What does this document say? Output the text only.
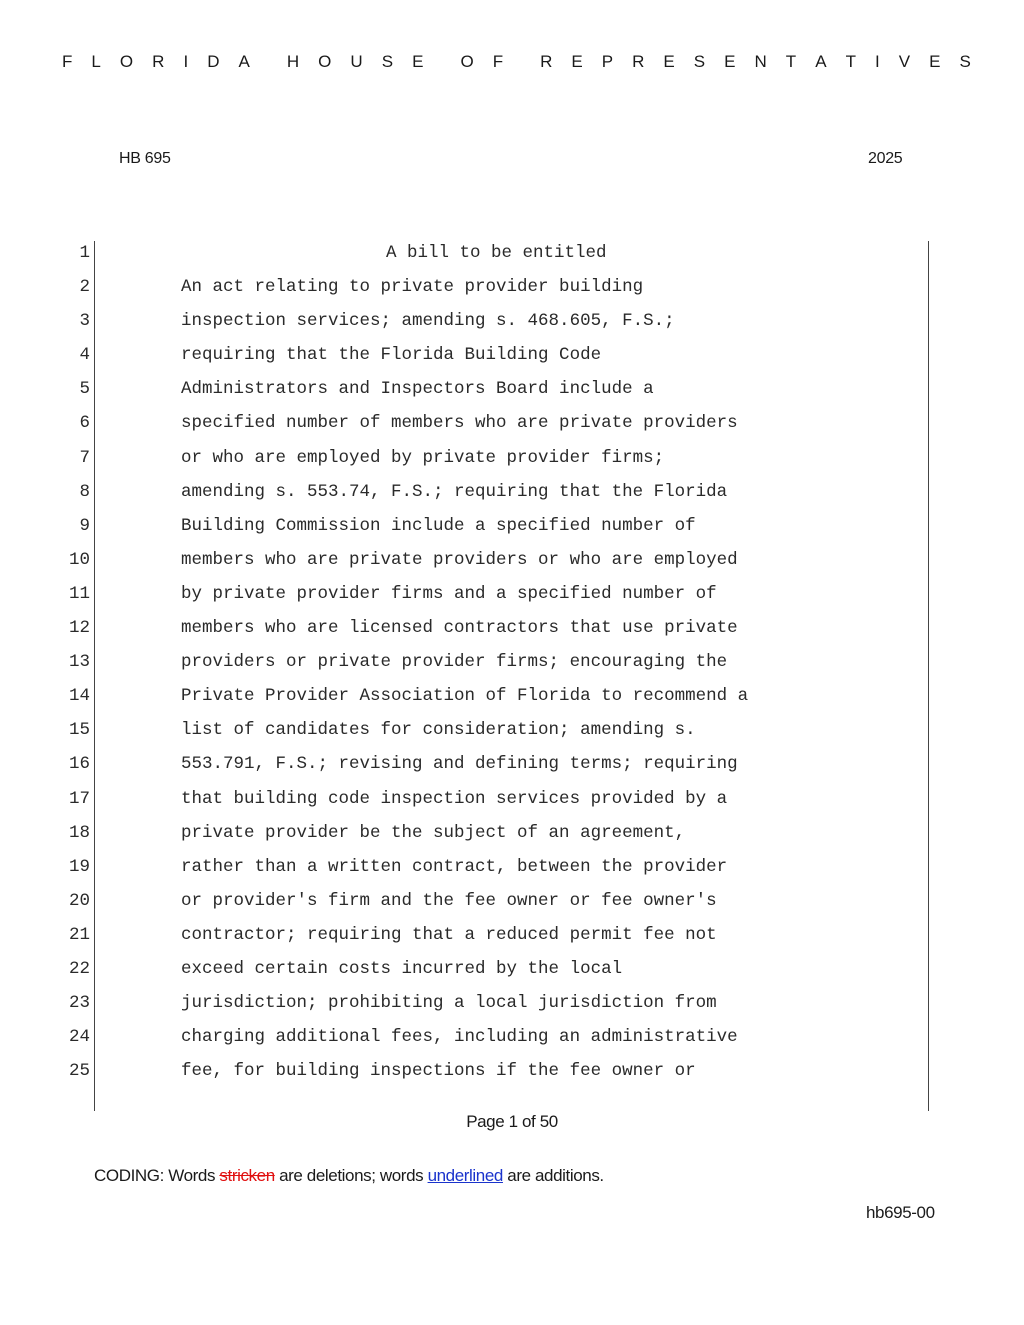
F L O R I D A H O U S E O F R E P R E S E N T A T I V E S
HB 695	2025
1	A bill to be entitled
2	An act relating to private provider building
3	inspection services; amending s. 468.605, F.S.;
4	requiring that the Florida Building Code
5	Administrators and Inspectors Board include a
6	specified number of members who are private providers
7	or who are employed by private provider firms;
8	amending s. 553.74, F.S.; requiring that the Florida
9	Building Commission include a specified number of
10	members who are private providers or who are employed
11	by private provider firms and a specified number of
12	members who are licensed contractors that use private
13	providers or private provider firms; encouraging the
14	Private Provider Association of Florida to recommend a
15	list of candidates for consideration; amending s.
16	553.791, F.S.; revising and defining terms; requiring
17	that building code inspection services provided by a
18	private provider be the subject of an agreement,
19	rather than a written contract, between the provider
20	or provider's firm and the fee owner or fee owner's
21	contractor; requiring that a reduced permit fee not
22	exceed certain costs incurred by the local
23	jurisdiction; prohibiting a local jurisdiction from
24	charging additional fees, including an administrative
25	fee, for building inspections if the fee owner or
Page 1 of 50
CODING: Words stricken are deletions; words underlined are additions.
hb695-00
